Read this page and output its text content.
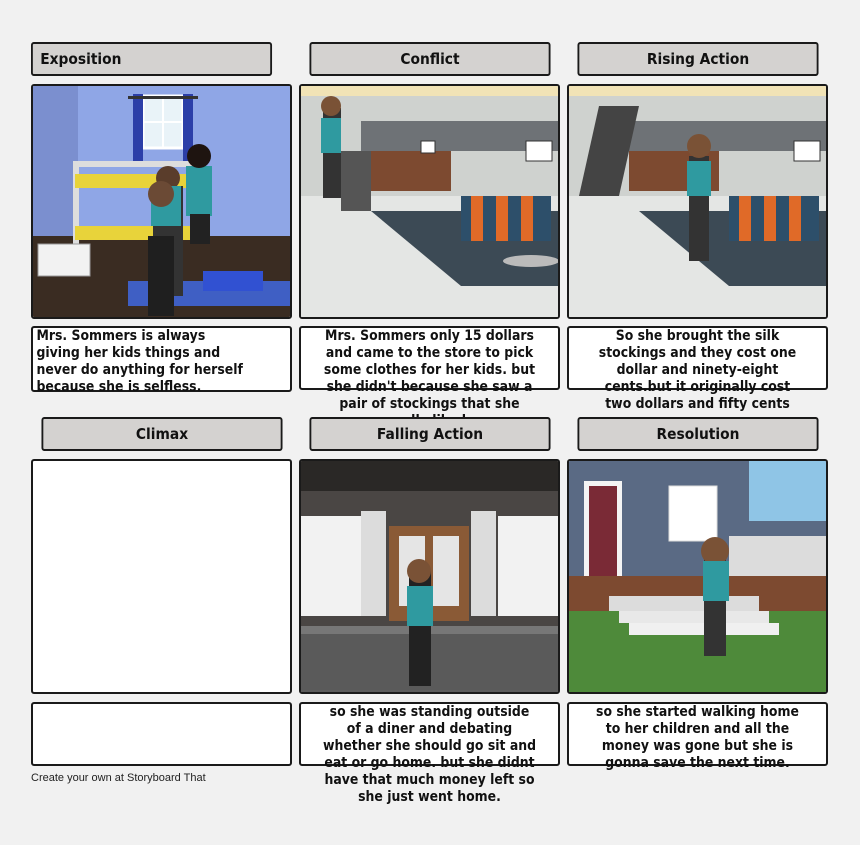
Exposition	Conflict	Rising Action

Mrs. Sommers is always giving her kids things and never do anything for herself because she is selfless.

Mrs. Sommers only 15 dollars and came to the store to pick some clothes for her kids. but she didn't because she saw a pair of stockings that she

So she brought the silk stockings and they cost one dollar and ninety-eight cents.but it originally cost two dollars and fifty cents

Climax	Falling Action	Resolution

so she was standing outside of a diner and debating whether she should go sit and eat or go home. but she didnt have that much money left so she just went home.

so she started walking home to her children and all the money was gone but she is gonna save the next time.

Create your own at Storyboard That
